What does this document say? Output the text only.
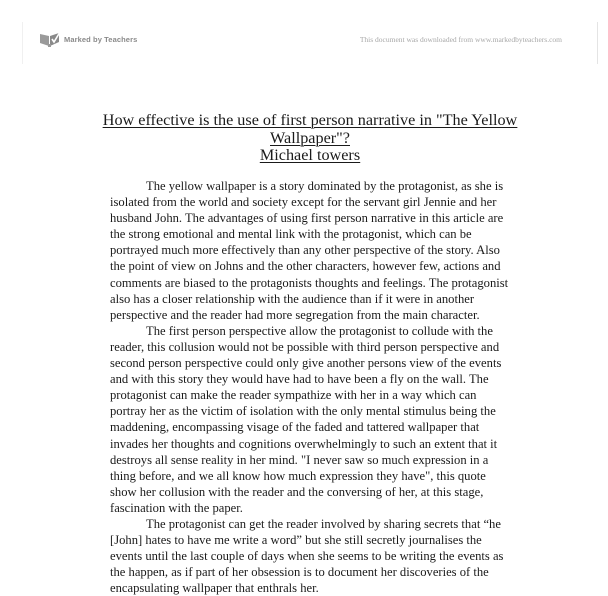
Marked by Teachers	This document was downloaded from www.markedbyteachers.com
How effective is the use of first person narrative in "The Yellow
Wallpaper"?
Michael towers

The yellow wallpaper is a story dominated by the protagonist, as she is isolated from the world and society except for the servant girl Jennie and her husband John. The advantages of using first person narrative in this article are the strong emotional and mental link with the protagonist, which can be portrayed much more effectively than any other perspective of the story. Also the point of view on Johns and the other characters, however few, actions and comments are biased to the protagonists thoughts and feelings. The protagonist also has a closer relationship with the audience than if it were in another perspective and the reader had more segregation from the main character.

The first person perspective allow the protagonist to collude with the reader, this collusion would not be possible with third person perspective and second person perspective could only give another persons view of the events and with this story they would have had to have been a fly on the wall. The protagonist can make the reader sympathize with her in a way which can portray her as the victim of isolation with the only mental stimulus being the maddening, encompassing visage of the faded and tattered wallpaper that invades her thoughts and cognitions overwhelmingly to such an extent that it destroys all sense reality in her mind. "I never saw so much expression in a thing before, and we all know how much expression they have", this quote show her collusion with the reader and the conversing of her, at this stage, fascination with the paper.

The protagonist can get the reader involved by sharing secrets that “he [John] hates to have me write a word” but she still secretly journalises the events until the last couple of days when she seems to be writing the events as the happen, as if part of her obsession is to document her discoveries of the encapsulating wallpaper that enthrals her.
